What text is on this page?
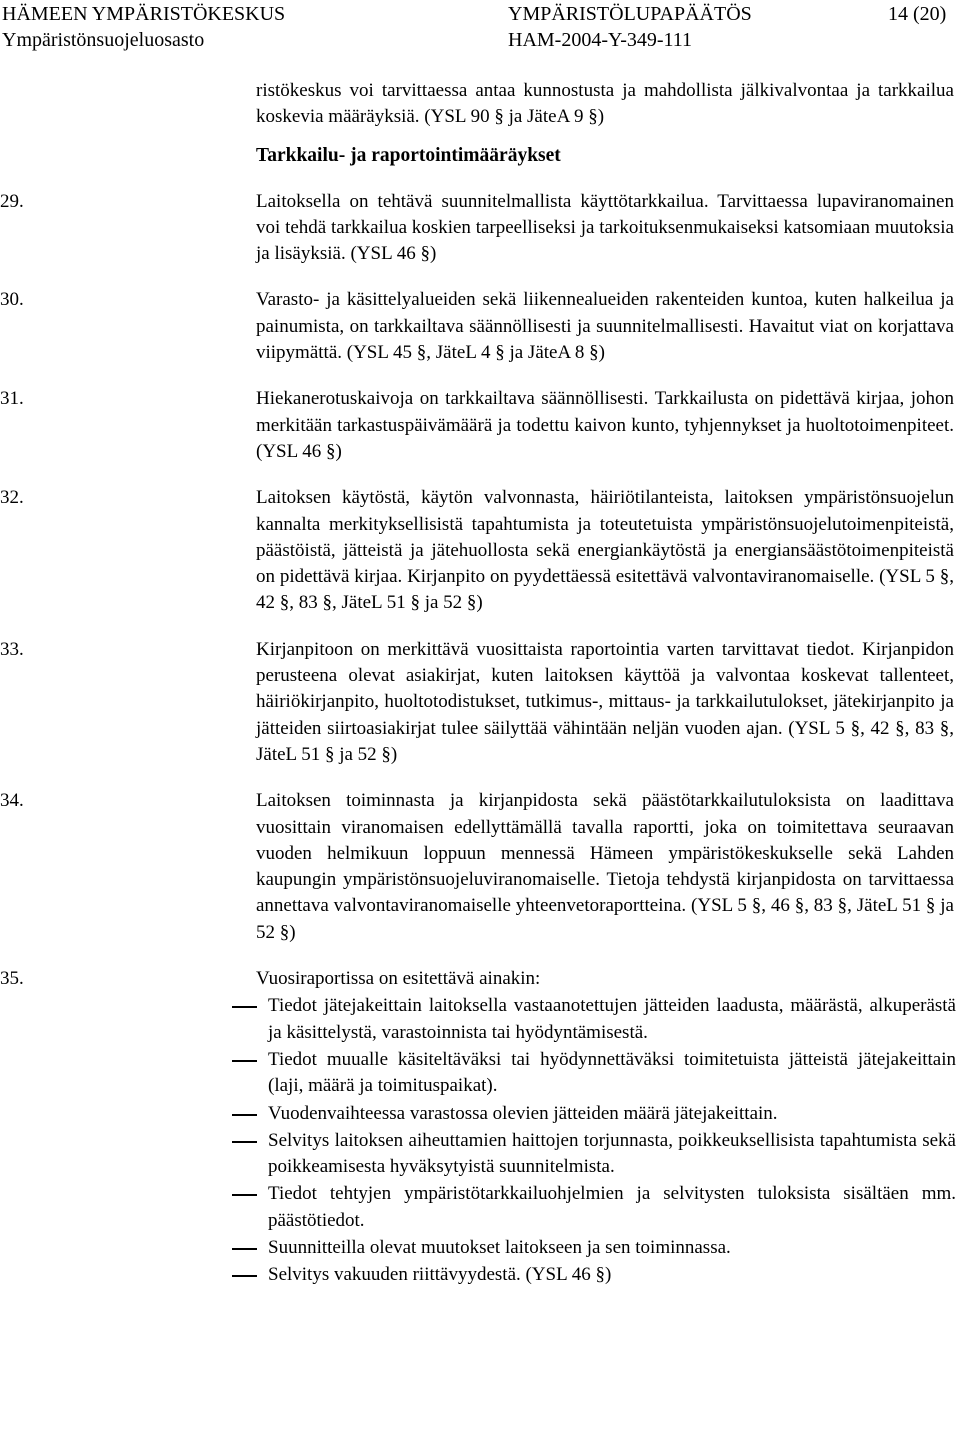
HÄMEEN YMPÄRISTÖKESKUS
Ympäristönsuojeluosasto
YMPÄRISTÖLUPAPÄÄTÖS
HAM-2004-Y-349-111
14 (20)
ristökeskus voi tarvittaessa antaa kunnostusta ja mahdollista jälkivalvontaa ja tarkkailua koskevia määräyksiä. (YSL 90 § ja JäteA 9 §)
Tarkkailu- ja raportointimääräykset
29.	Laitoksella on tehtävä suunnitelmallista käyttötarkkailua. Tarvittaessa lupaviranomainen voi tehdä tarkkailua koskien tarpeelliseksi ja tarkoituksenmukaiseksi katsomiaan muutoksia ja lisäyksiä. (YSL 46 §)
30.	Varasto- ja käsittelyalueiden sekä liikennealueiden rakenteiden kuntoa, kuten halkeilua ja painumista, on tarkkailtava säännöllisesti ja suunnitelmallisesti. Havaitut viat on korjattava viipymättä. (YSL 45 §, JäteL 4 § ja JäteA 8 §)
31.	Hiekanerotuskaivoja on tarkkailtava säännöllisesti. Tarkkailusta on pidettävä kirjaa, johon merkitään tarkastuspäivämäärä ja todettu kaivon kunto, tyhjennykset ja huoltotoimenpiteet. (YSL 46 §)
32.	Laitoksen käytöstä, käytön valvonnasta, häiriötilanteista, laitoksen ympäristönsuojelun kannalta merkityksellisistä tapahtumista ja toteutetuista ympäristönsuojelutoimenpiteistä, päästöistä, jätteistä ja jätehuollosta sekä energiankäytöstä ja energiansäästötoimenpiteistä on pidettävä kirjaa. Kirjanpito on pyydettäessä esitettävä valvontaviranomaiselle. (YSL 5 §, 42 §, 83 §, JäteL 51 § ja 52 §)
33.	Kirjanpitoon on merkittävä vuosittaista raportointia varten tarvittavat tiedot. Kirjanpidon perusteena olevat asiakirjat, kuten laitoksen käyttöä ja valvontaa koskevat tallenteet, häiriökirjanpito, huoltotodistukset, tutkimus-, mittaus- ja tarkkailutulokset, jätekirjanpito ja jätteiden siirtoasiakirjat tulee säilyttää vähintään neljän vuoden ajan. (YSL 5 §, 42 §, 83 §, JäteL 51 § ja 52 §)
34.	Laitoksen toiminnasta ja kirjanpidosta sekä päästötarkkailutuloksista on laadittava vuosittain viranomaisen edellyttämällä tavalla raportti, joka on toimitettava seuraavan vuoden helmikuun loppuun mennessä Hämeen ympäristökeskukselle sekä Lahden kaupungin ympäristönsuojeluviranomaiselle. Tietoja tehdystä kirjanpidosta on tarvittaessa annettava valvontaviranomaiselle yhteenvetoraportteina. (YSL 5 §, 46 §, 83 §, JäteL 51 § ja 52 §)
35.	Vuosiraportissa on esitettävä ainakin:
Tiedot jätejakeittain laitoksella vastaanotettujen jätteiden laadusta, määrästä, alkuperästä ja käsittelystä, varastoinnista tai hyödyntämisestä.
Tiedot muualle käsiteltäväksi tai hyödynnettäväksi toimitetuista jätteistä jätejakeittain (laji, määrä ja toimituspaikat).
Vuodenvaihteessa varastossa olevien jätteiden määrä jätejakeittain.
Selvitys laitoksen aiheuttamien haittojen torjunnasta, poikkeuksellisista tapahtumista sekä poikkeamisesta hyväksytyistä suunnitelmista.
Tiedot tehtyjen ympäristötarkkailuohjelmien ja selvitysten tuloksista sisältäen mm. päästötiedot.
Suunnitteilla olevat muutokset laitokseen ja sen toiminnassa.
Selvitys vakuuden riittävyydestä. (YSL 46 §)
